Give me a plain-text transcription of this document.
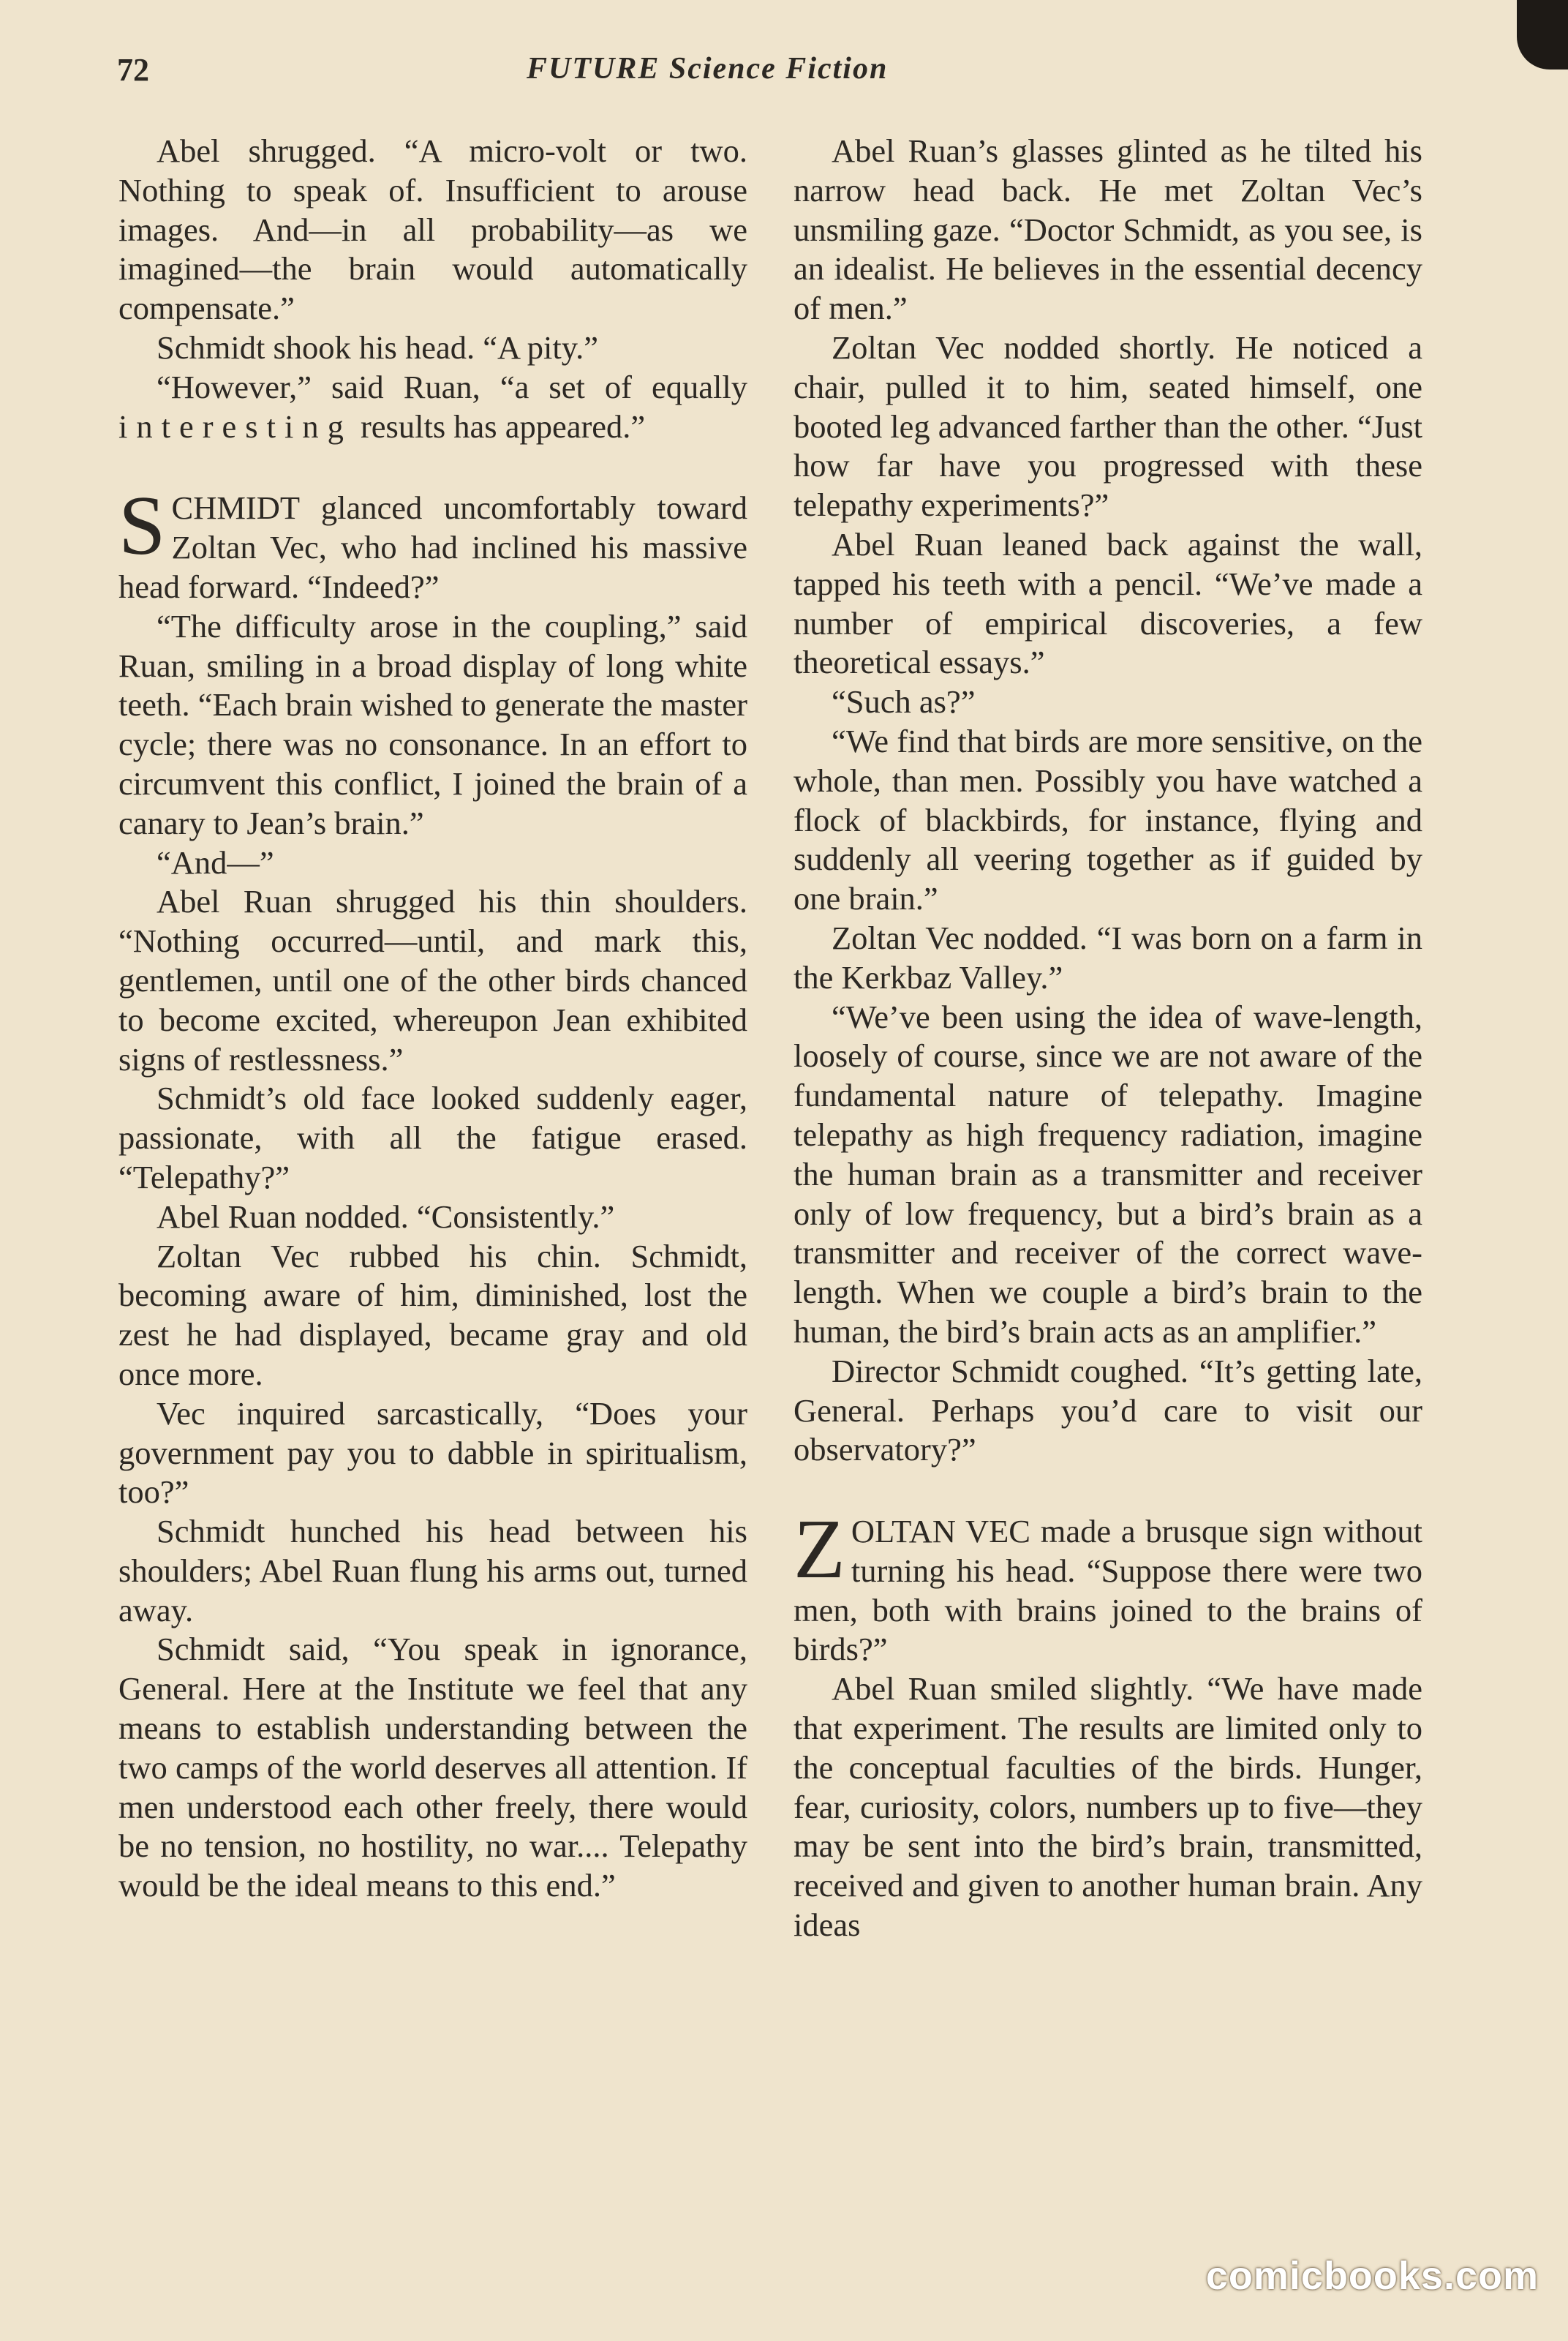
72	FUTURE Science Fiction

Abel shrugged. “A micro-volt or two. Nothing to speak of. Insufficient to arouse images. And—in all probability—as we imagined—the brain would automatically compensate.”

Schmidt shook his head. “A pity.”

“However,” said Ruan, “a set of equally interesting results has appeared.”

SCHMIDT glanced uncomfortably toward Zoltan Vec, who had inclined his massive head forward. “Indeed?”

“The difficulty arose in the coupling,” said Ruan, smiling in a broad display of long white teeth. “Each brain wished to generate the master cycle; there was no consonance. In an effort to circumvent this conflict, I joined the brain of a canary to Jean’s brain.”

“And—”

Abel Ruan shrugged his thin shoulders. “Nothing occurred—until, and mark this, gentlemen, until one of the other birds chanced to become excited, whereupon Jean exhibited signs of restlessness.”

Schmidt’s old face looked suddenly eager, passionate, with all the fatigue erased. “Telepathy?”

Abel Ruan nodded. “Consistently.”

Zoltan Vec rubbed his chin. Schmidt, becoming aware of him, diminished, lost the zest he had displayed, became gray and old once more.

Vec inquired sarcastically, “Does your government pay you to dabble in spiritualism, too?”

Schmidt hunched his head between his shoulders; Abel Ruan flung his arms out, turned away.

Schmidt said, “You speak in ignorance, General. Here at the Institute we feel that any means to establish understanding between the two camps of the world deserves all attention. If men understood each other freely, there would be no tension, no hostility, no war.... Telepathy would be the ideal means to this end.”

Abel Ruan’s glasses glinted as he tilted his narrow head back. He met Zoltan Vec’s unsmiling gaze. “Doctor Schmidt, as you see, is an idealist. He believes in the essential decency of men.”

Zoltan Vec nodded shortly. He noticed a chair, pulled it to him, seated himself, one booted leg advanced farther than the other. “Just how far have you progressed with these telepathy experiments?”

Abel Ruan leaned back against the wall, tapped his teeth with a pencil. “We’ve made a number of empirical discoveries, a few theoretical essays.”

“Such as?”

“We find that birds are more sensitive, on the whole, than men. Possibly you have watched a flock of blackbirds, for instance, flying and suddenly all veering together as if guided by one brain.”

Zoltan Vec nodded. “I was born on a farm in the Kerkbaz Valley.”

“We’ve been using the idea of wave-length, loosely of course, since we are not aware of the fundamental nature of telepathy. Imagine telepathy as high frequency radiation, imagine the human brain as a transmitter and receiver only of low frequency, but a bird’s brain as a transmitter and receiver of the correct wave-length. When we couple a bird’s brain to the human, the bird’s brain acts as an amplifier.”

Director Schmidt coughed. “It’s getting late, General. Perhaps you’d care to visit our observatory?”

ZOLTAN VEC made a brusque sign without turning his head. “Suppose there were two men, both with brains joined to the brains of birds?”

Abel Ruan smiled slightly. “We have made that experiment. The results are limited only to the conceptual faculties of the birds. Hunger, fear, curiosity, colors, numbers up to five—they may be sent into the bird’s brain, transmitted, received and given to another human brain. Any ideas

comicbooks.com
